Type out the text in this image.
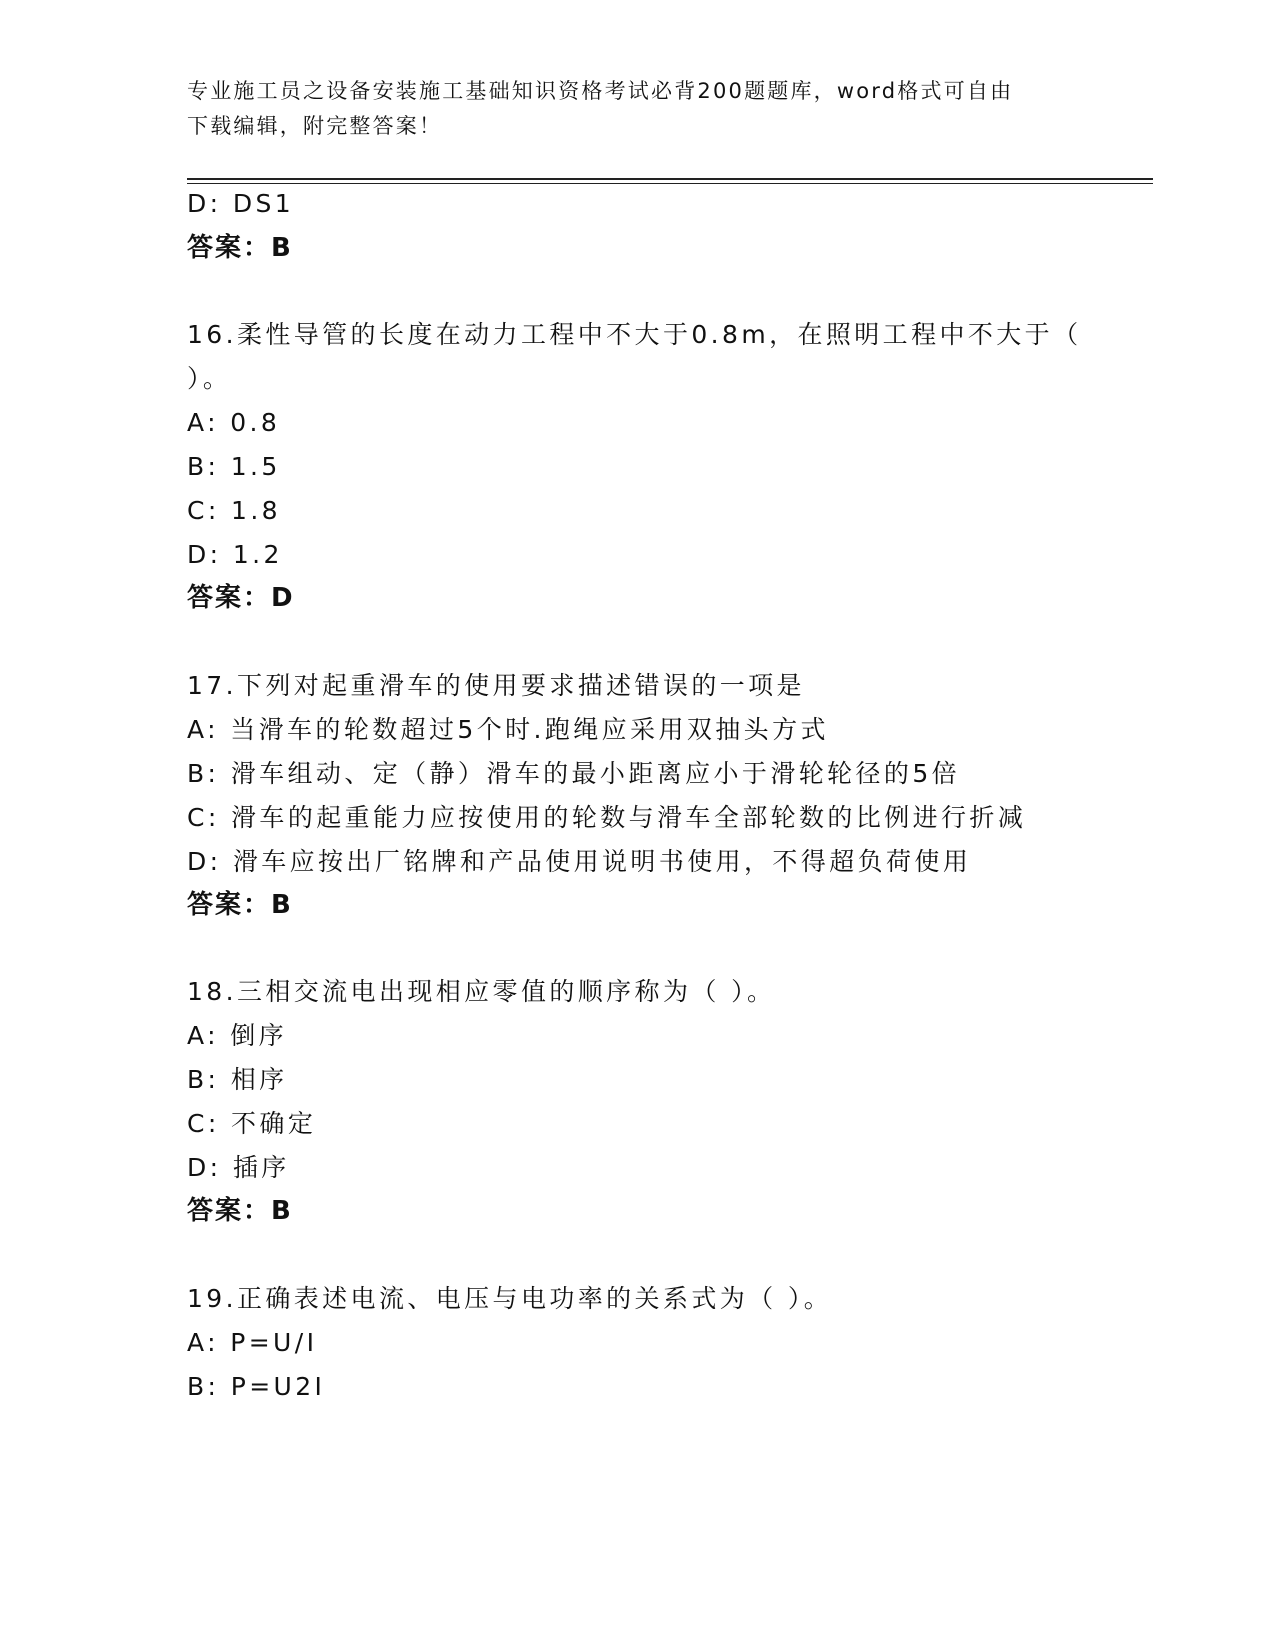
专业施工员之设备安装施工基础知识资格考试必背200题题库，word格式可自由
下载编辑，附完整答案！
D: DS1
答案：B
16.柔性导管的长度在动力工程中不大于0.8m，在照明工程中不大于（
）。
A: 0.8
B: 1.5
C: 1.8
D: 1.2
答案：D
17.下列对起重滑车的使用要求描述错误的一项是
A: 当滑车的轮数超过5个时.跑绳应采用双抽头方式
B: 滑车组动、定（静）滑车的最小距离应小于滑轮轮径的5倍
C: 滑车的起重能力应按使用的轮数与滑车全部轮数的比例进行折减
D: 滑车应按出厂铭牌和产品使用说明书使用，不得超负荷使用
答案：B
18.三相交流电出现相应零值的顺序称为（ ）。
A: 倒序
B: 相序
C: 不确定
D: 插序
答案：B
19.正确表述电流、电压与电功率的关系式为（ ）。
A: P=U/I
B: P=U2I
